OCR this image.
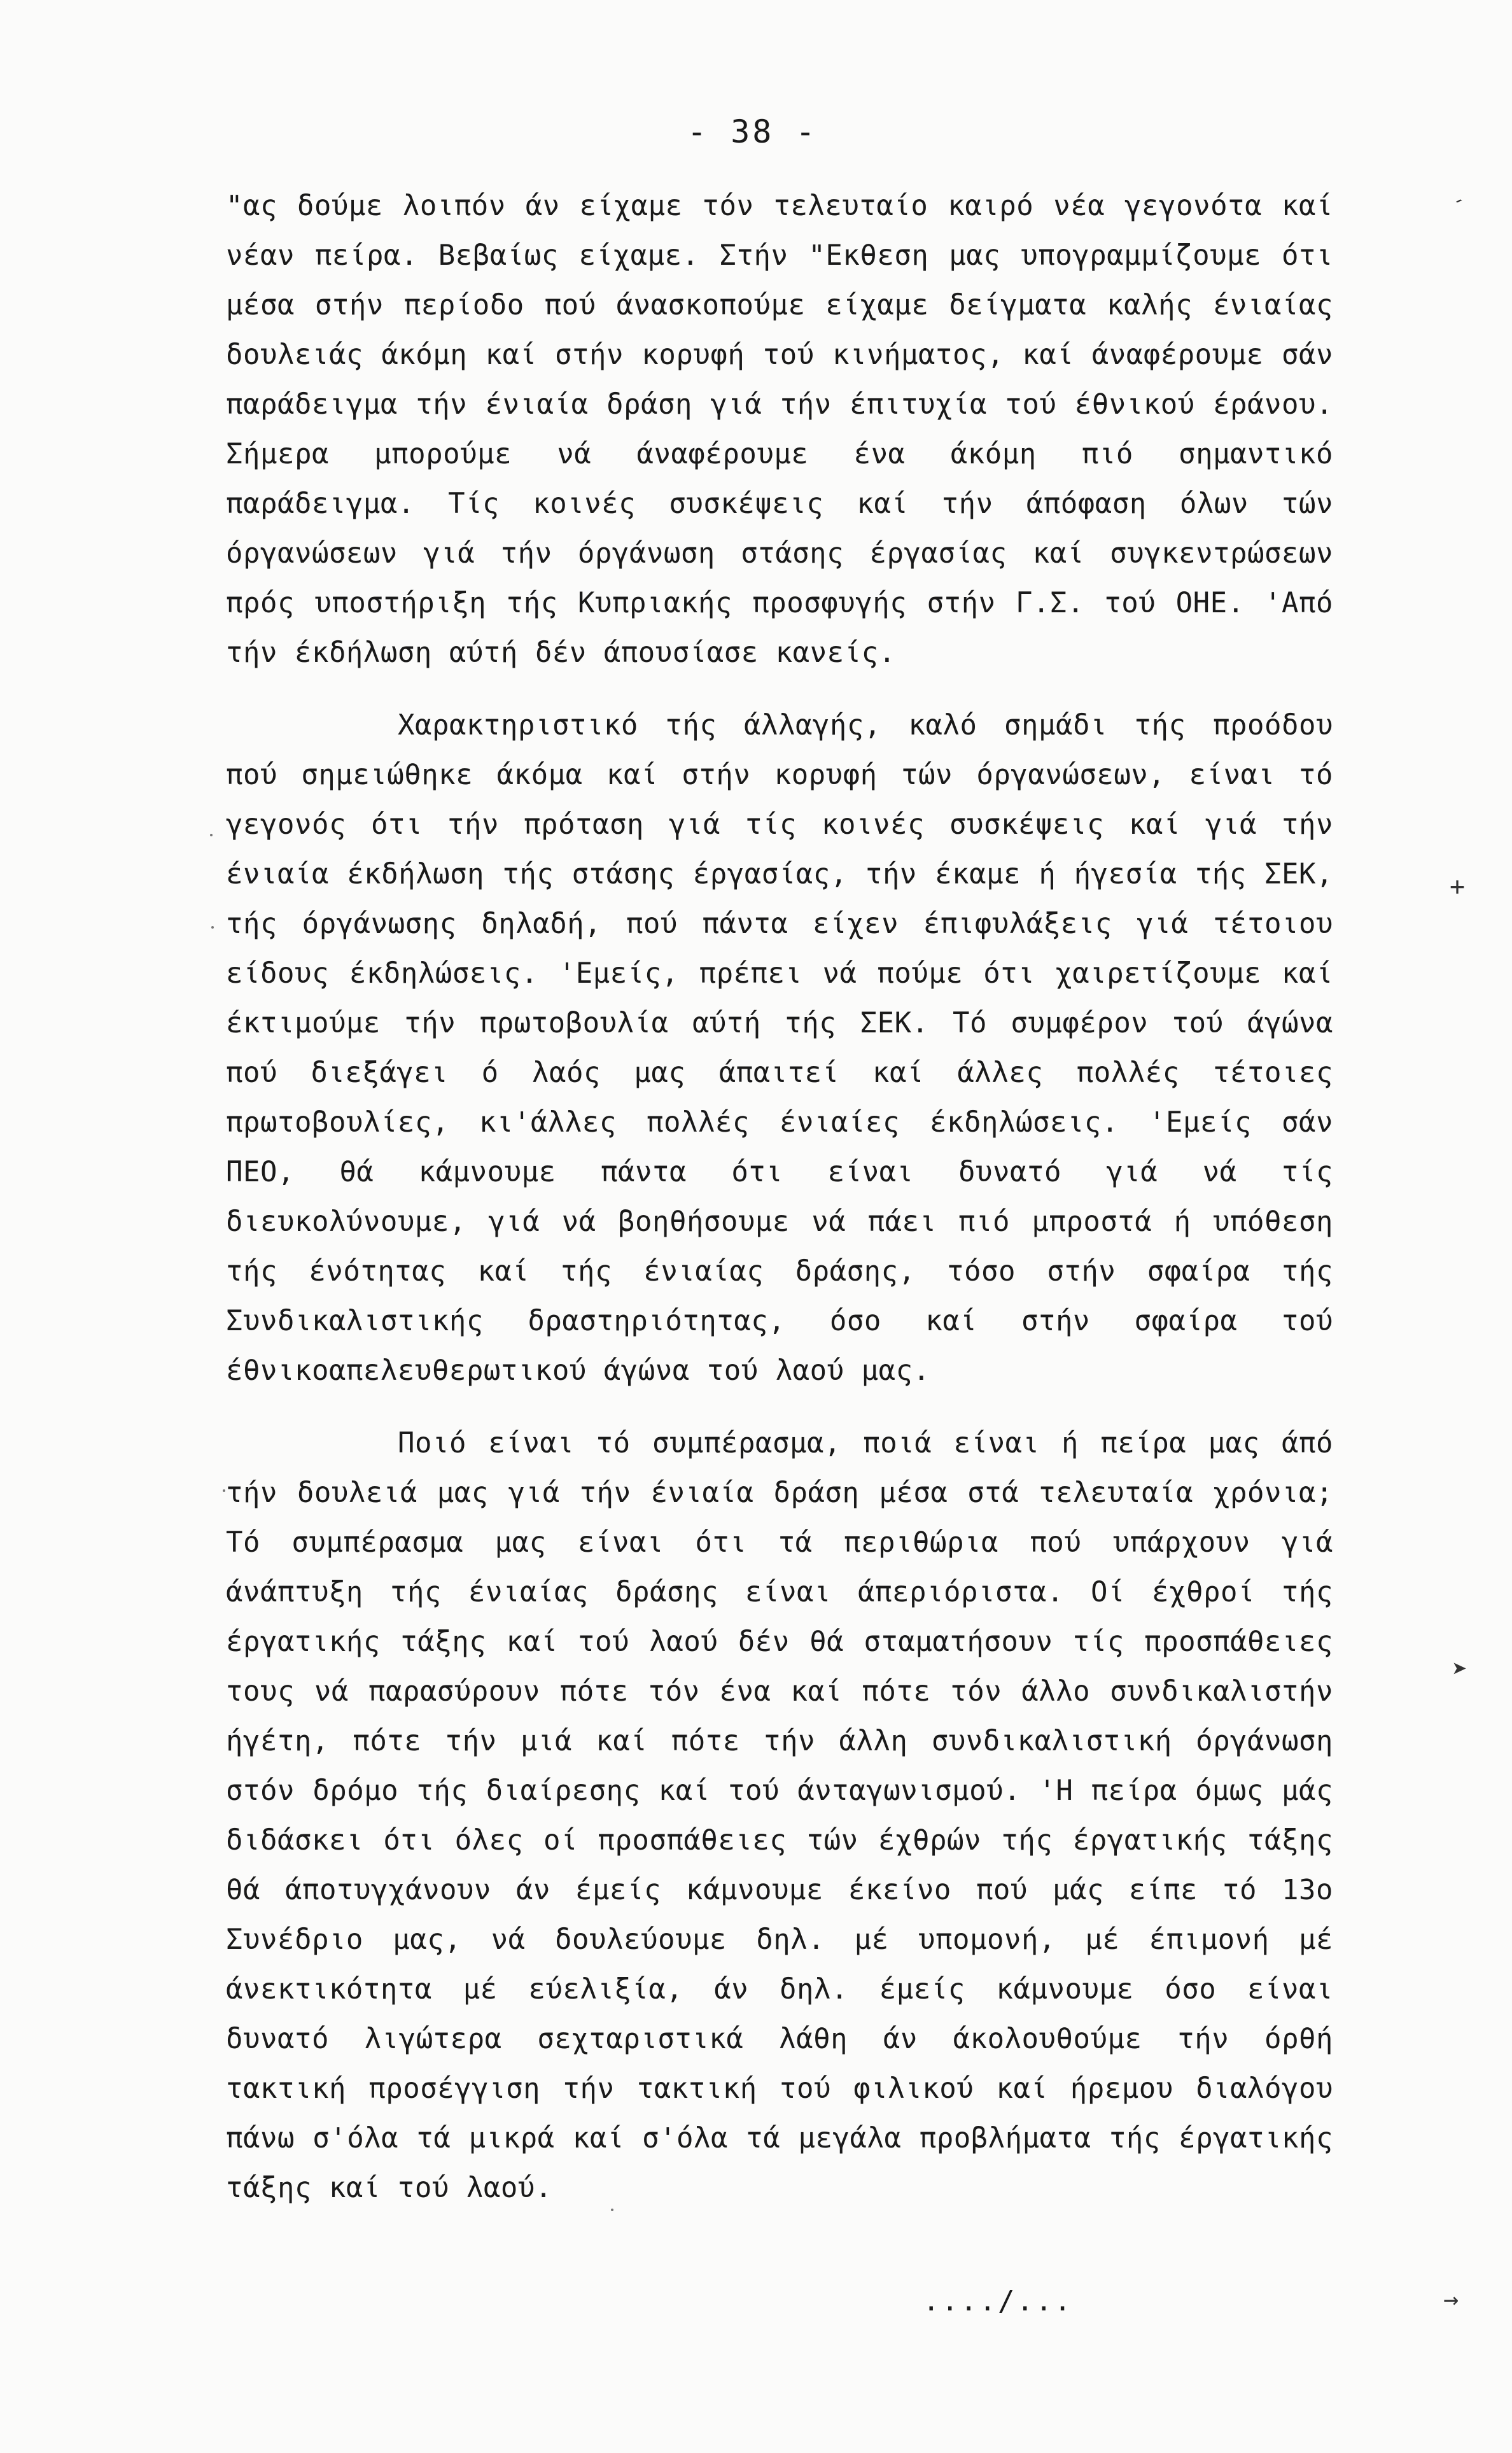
- 38 -

"ας δούμε λοιπόν άν είχαμε τόν τελευταίο καιρό νέα γεγονότα καί νέαν πείρα. Βεβαίως είχαμε. Στήν "Εκθεση μας υπογραμμίζουμε ότι μέσα στήν περίοδο πού άνασκοπούμε είχαμε δείγματα καλής ένιαίας δουλειάς άκόμη καί στήν κορυφή τού κινήματος, καί άναφέρουμε σάν παράδειγμα τήν ένιαία δράση γιά τήν έπιτυχία τού έθνικού έράνου. Σήμερα μπορούμε νά άναφέρουμε ένα άκόμη πιό σημαντικό παράδειγμα. Τίς κοινές συσκέψεις καί τήν άπόφαση όλων τών όργανώσεων γιά τήν όργάνωση στάσης έργασίας καί συγκεντρώσεων πρός υποστήριξη τής Κυπριακής προσφυγής στήν Γ.Σ. τού ΟΗΕ. 'Από τήν έκδήλωση αύτή δέν άπουσίασε κανείς.

Χαρακτηριστικό τής άλλαγής, καλό σημάδι τής προόδου πού σημειώθηκε άκόμα καί στήν κορυφή τών όργανώσεων, είναι τό γεγονός ότι τήν πρόταση γιά τίς κοινές συσκέψεις καί γιά τήν ένιαία έκδήλωση τής στάσης έργασίας, τήν έκαμε ή ήγεσία τής ΣΕΚ, τής όργάνωσης δηλαδή, πού πάντα είχεν έπιφυλάξεις γιά τέτοιου είδους έκδηλώσεις. 'Εμείς, πρέπει νά πούμε ότι χαιρετίζουμε καί έκτιμούμε τήν πρωτοβουλία αύτή τής ΣΕΚ. Τό συμφέρον τού άγώνα πού διεξάγει ό λαός μας άπαιτεί καί άλλες πολλές τέτοιες πρωτοβουλίες, κι'άλλες πολλές ένιαίες έκδηλώσεις. 'Εμείς σάν ΠΕΟ, θά κάμνουμε πάντα ότι είναι δυνατό γιά νά τίς διευκολύνουμε, γιά νά βοηθήσουμε νά πάει πιό μπροστά ή υπόθεση τής ένότητας καί τής ένιαίας δράσης, τόσο στήν σφαίρα τής Συνδικαλιστικής δραστηριότητας, όσο καί στήν σφαίρα τού έθνικοαπελευθερωτικού άγώνα τού λαού μας.

Ποιό είναι τό συμπέρασμα, ποιά είναι ή πείρα μας άπό τήν δουλειά μας γιά τήν ένιαία δράση μέσα στά τελευταία χρόνια; Τό συμπέρασμα μας είναι ότι τά περιθώρια πού υπάρχουν γιά άνάπτυξη τής ένιαίας δράσης είναι άπεριόριστα. Οί έχθροί τής έργατικής τάξης καί τού λαού δέν θά σταματήσουν τίς προσπάθειες τους νά παρασύρουν πότε τόν ένα καί πότε τόν άλλο συνδικαλιστήν ήγέτη, πότε τήν μιά καί πότε τήν άλλη συνδικαλιστική όργάνωση στόν δρόμο τής διαίρεσης καί τού άνταγωνισμού. 'Η πείρα όμως μάς διδάσκει ότι όλες οί προσπάθειες τών έχθρών τής έργατικής τάξης θά άποτυγχάνουν άν έμείς κάμνουμε έκείνο πού μάς είπε τό 13ο Συνέδριο μας, νά δουλεύουμε δηλ. μέ υπομονή, μέ έπιμονή μέ άνεκτικότητα μέ εύελιξία, άν δηλ. έμείς κάμνουμε όσο είναι δυνατό λιγώτερα σεχταριστικά λάθη άν άκολουθούμε τήν όρθή τακτική προσέγγιση τήν τακτική τού φιλικού καί ήρεμου διαλόγου πάνω σ'όλα τά μικρά καί σ'όλα τά μεγάλα προβλήματα τής έργατικής τάξης καί τού λαού.

..../...
ˏ
+
➤
→
